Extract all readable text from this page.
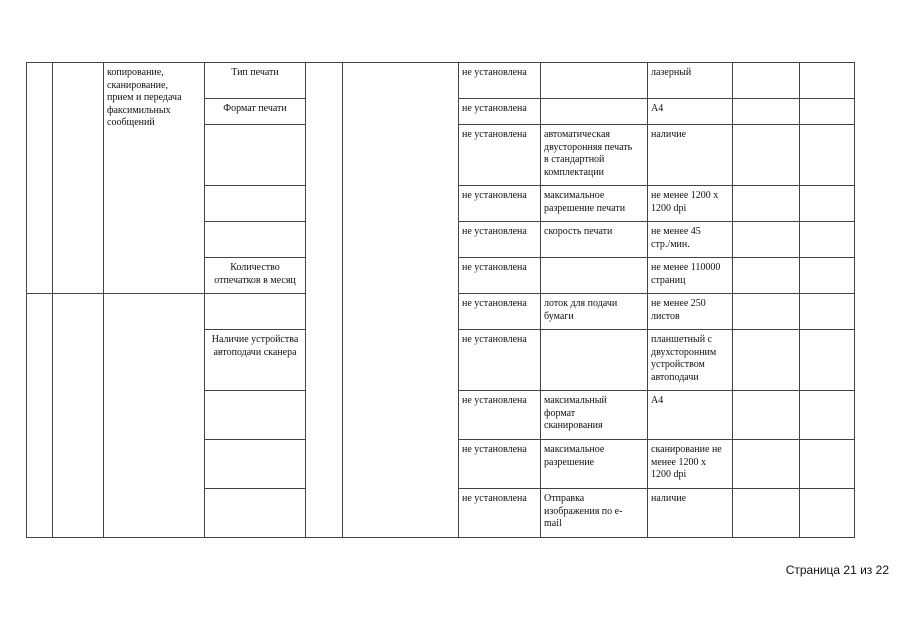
		копирование,
сканирование,
прием и передача
факсимильных
сообщений	Тип печати			не установлена		лазерный		
			Формат печати			не установлена		А4		
						не установлена	автоматическая
двусторонняя печать
в стандартной
комплектации	наличие		
						не установлена	максимальное
разрешение печати	не менее 1200 х
1200 dpi		
						не установлена	скорость печати	не менее 45
стр./мин.		
			Количество
отпечатков в месяц			не установлена		не менее 110000
страниц		
						не установлена	лоток для подачи
бумаги	не менее 250
листов		
			Наличие устройства
автоподачи сканера			не установлена		планшетный с
двухсторонним
устройством
автоподачи		
						не установлена	максимальный
формат
сканирования	А4		
						не установлена	максимальное
разрешение	сканирование не
менее 1200 х
1200 dpi		
						не установлена	Отправка
изображения по e-
mail	наличие		
Страница 21 из 22
